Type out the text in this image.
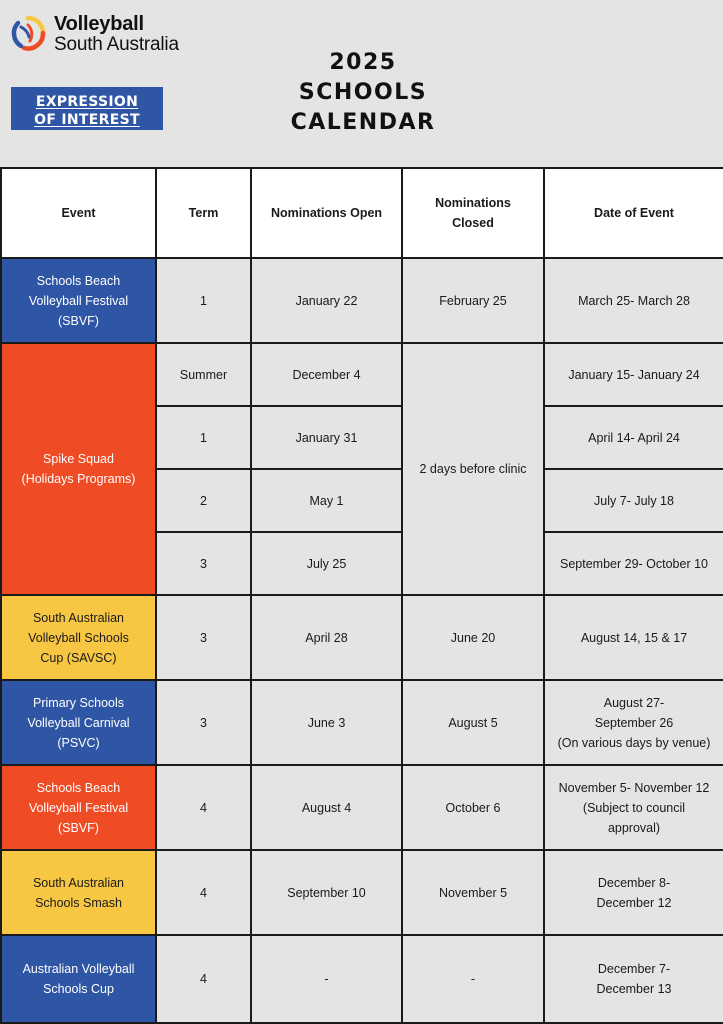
Volleyball
South Australia
EXPRESSION
OF INTEREST
2025
SCHOOLS
CALENDAR
Event	Term	Nominations Open	Nominations Closed	Date of Event
Schools Beach Volleyball Festival (SBVF)	1	January 22	February 25	March 25- March 28
Spike Squad (Holidays Programs)	Summer	December 4	2 days before clinic	January 15- January 24
	1	January 31		April 14- April 24
	2	May 1		July 7- July 18
	3	July 25		September 29- October 10
South Australian Volleyball Schools Cup (SAVSC)	3	April 28	June 20	August 14, 15 & 17
Primary Schools Volleyball Carnival (PSVC)	3	June 3	August 5	August 27-
September 26
(On various days by venue)

Schools Beach Volleyball Festival (SBVF)	4	August 4	October 6	November 5- November 12
(Subject to council approval)

South Australian Schools Smash	4	September 10	November 5	December 8-
December 12

Australian Volleyball Schools Cup	4	-	-	December 7-
December 13
